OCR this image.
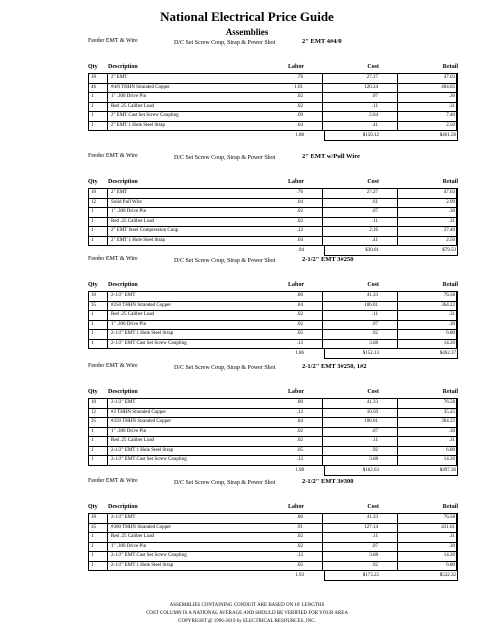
National Electrical Price Guide
Assemblies
Feeder EMT & Wire	D/C Set Screw Coup, Strap & Power Shot	2" EMT 4#4/0
Qty Description	Labor	Cost	Retail
10	2" EMT	.76	27.27	47.63
46	#4/0 THHN Stranded Copper	1.01	120.24	404.65
1	1" .300 Drive Pin	.02	.07	.30
1	Red .25 Caliber Load	.02	.11	.31
1	2" EMT Cast Set Screw Coupling	.09	2.04	7.40
1	2" EMT 1 Hole Steel Strap	.04	.41	2.50
1.88	$150.12	$461.56
Feeder EMT & Wire	D/C Set Screw Coup, Strap & Power Shot	2" EMT w/Pull Wire
Qty Description	Labor	Cost	Retail
10	2" EMT	.76	27.27	47.63
12	Solid Pull Wire	.04	.61	2.09
1	1" .300 Drive Pin	.02	.07	.30
1	Red .25 Caliber Load	.02	.11	.31
1	2" EMT Steel Compression Coup	.12	2.16	27.40
1	2" EMT 1 Hole Steel Strap	.04	.41	2.50
.94	$30.61	$79.53
Feeder EMT & Wire	D/C Set Screw Coup, Strap & Power Shot	2-1/2" EMT 3#250
Qty Description	Labor	Cost	Retail
10	2-1/2" EMT	.80	41.33	76.58
35	#250 THHN Stranded Copper	.84	106.01	364.22
1	Red .25 Caliber Load	.02	.11	.31
1	1" .300 Drive Pin	.02	.07	.30
1	2-1/2" EMT 1 Hole Steel Strap	.05	.92	6.80
1	2-1/2" EMT Cast Set Screw Coupling	.13	3.68	14.20
1.86	$152.13	$462.37
Feeder EMT & Wire	D/C Set Screw Coup, Strap & Power Shot	2-1/2" EMT 3#250, 1#2
Qty Description	Labor	Cost	Retail
10	2-1/2" EMT	.80	41.33	76.58
12	#2 THHN Stranded Copper	.12	10.50	35.25
35	#250 THHN Stranded Copper	.84	106.01	364.22
1	1" .300 Drive Pin	.02	.07	.30
1	Red .25 Caliber Load	.02	.11	.31
1	2-1/2" EMT 1 Hole Steel Strap	.05	.92	6.80
1	2-1/2" EMT Cast Set Screw Coupling	.13	3.68	14.20
1.98	$162.63	$497.36
Feeder EMT & Wire	D/C Set Screw Coup, Strap & Power Shot	2-1/2" EMT 3#300
Qty Description	Labor	Cost	Retail
10	2-1/2" EMT	.80	41.33	76.58
35	#300 THHN Stranded Copper	.91	127.14	431.61
1	Red .25 Caliber Load	.02	.11	.31
1	1" .300 Drive Pin	.02	.07	.30
1	2-1/2" EMT Cast Set Screw Coupling	.13	3.68	14.20
1	2-1/2" EMT 1 Hole Steel Strap	.05	.92	6.80
1.93	$173.25	$532.32
ASSEMBLIES CONTAINING CONDUIT ARE BASED ON 10' LENGTHS
COST COLUMN IS A NATIONAL AVERAGE AND SHOULD BE VERIFIED FOR YOUR AREA
COPYRIGHT @ 1996-2019 by ELECTRICAL RESOURCES, INC.
